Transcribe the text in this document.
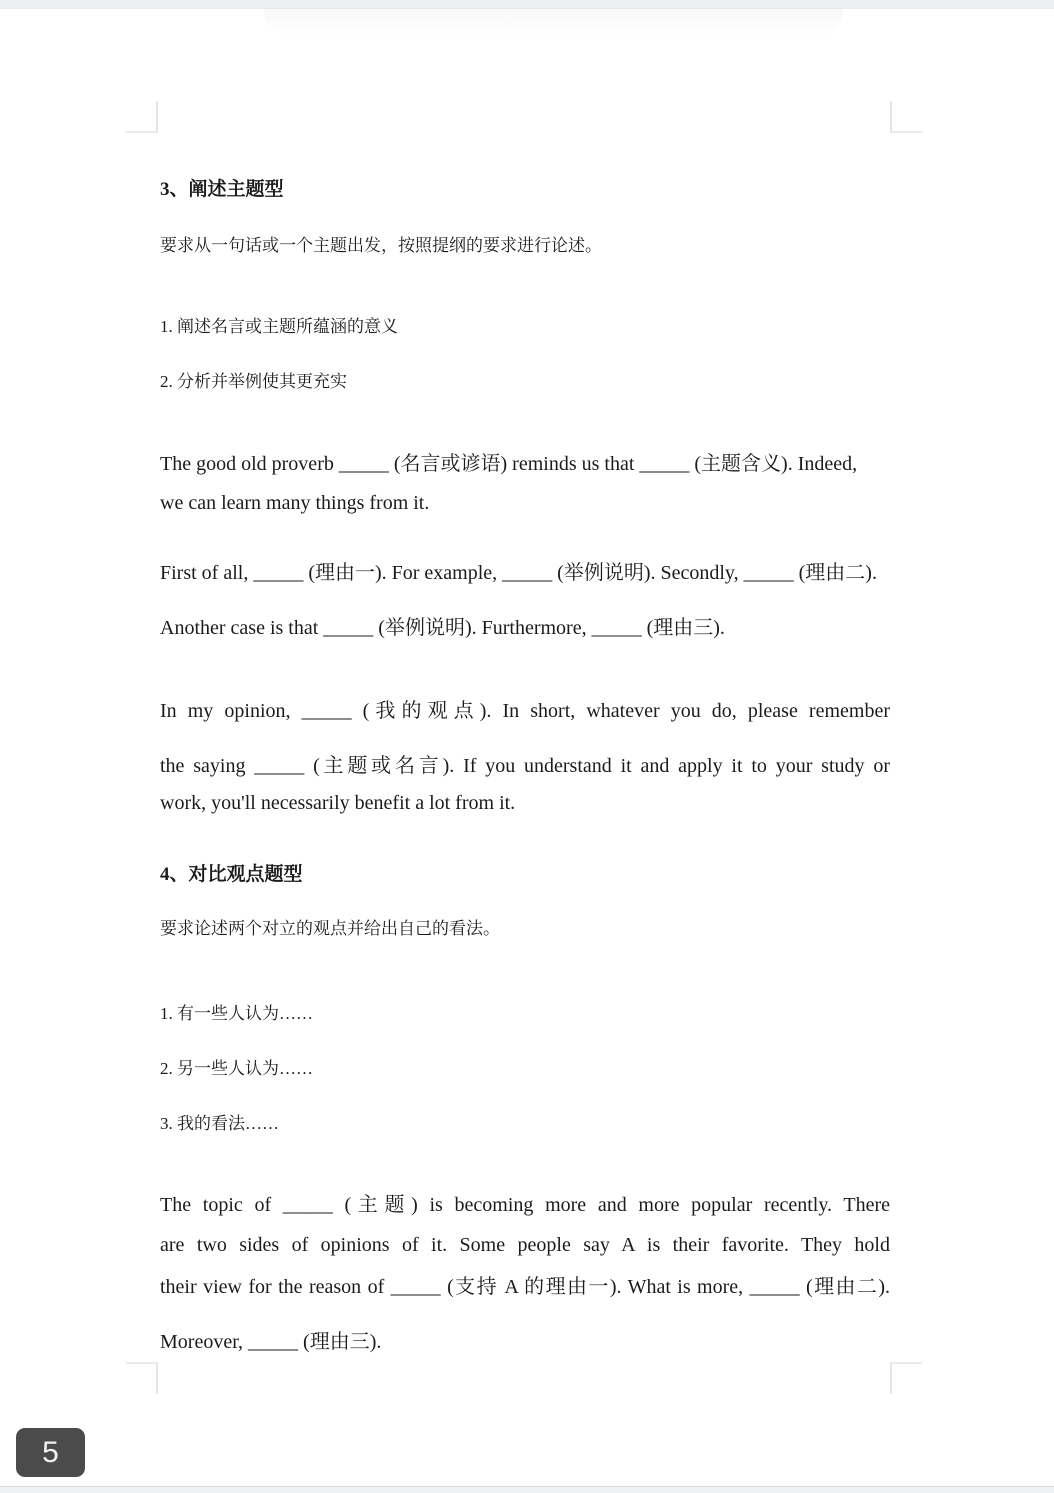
3、阐述主题型
要求从一句话或一个主题出发，按照提纲的要求进行论述。
1. 阐述名言或主题所蕴涵的意义
2. 分析并举例使其更充实
The good old proverb _____ (名言或谚语) reminds us that _____ (主题含义). Indeed,
we can learn many things from it.
First of all, _____ (理由一). For example, _____ (举例说明). Secondly, _____ (理由二).
Another case is that _____ (举例说明). Furthermore, _____ (理由三).
In my opinion, _____ (我的观点). In short, whatever you do, please remember
the saying _____ (主题或名言). If you understand it and apply it to your study or
work, you'll necessarily benefit a lot from it.
4、对比观点题型
要求论述两个对立的观点并给出自己的看法。
1. 有一些人认为……
2. 另一些人认为……
3. 我的看法……
The topic of _____ (主题) is becoming more and more popular recently. There
are two sides of opinions of it. Some people say A is their favorite. They hold
their view for the reason of _____ (支持 A 的理由一). What is more, _____ (理由二).
Moreover, _____ (理由三).
5
